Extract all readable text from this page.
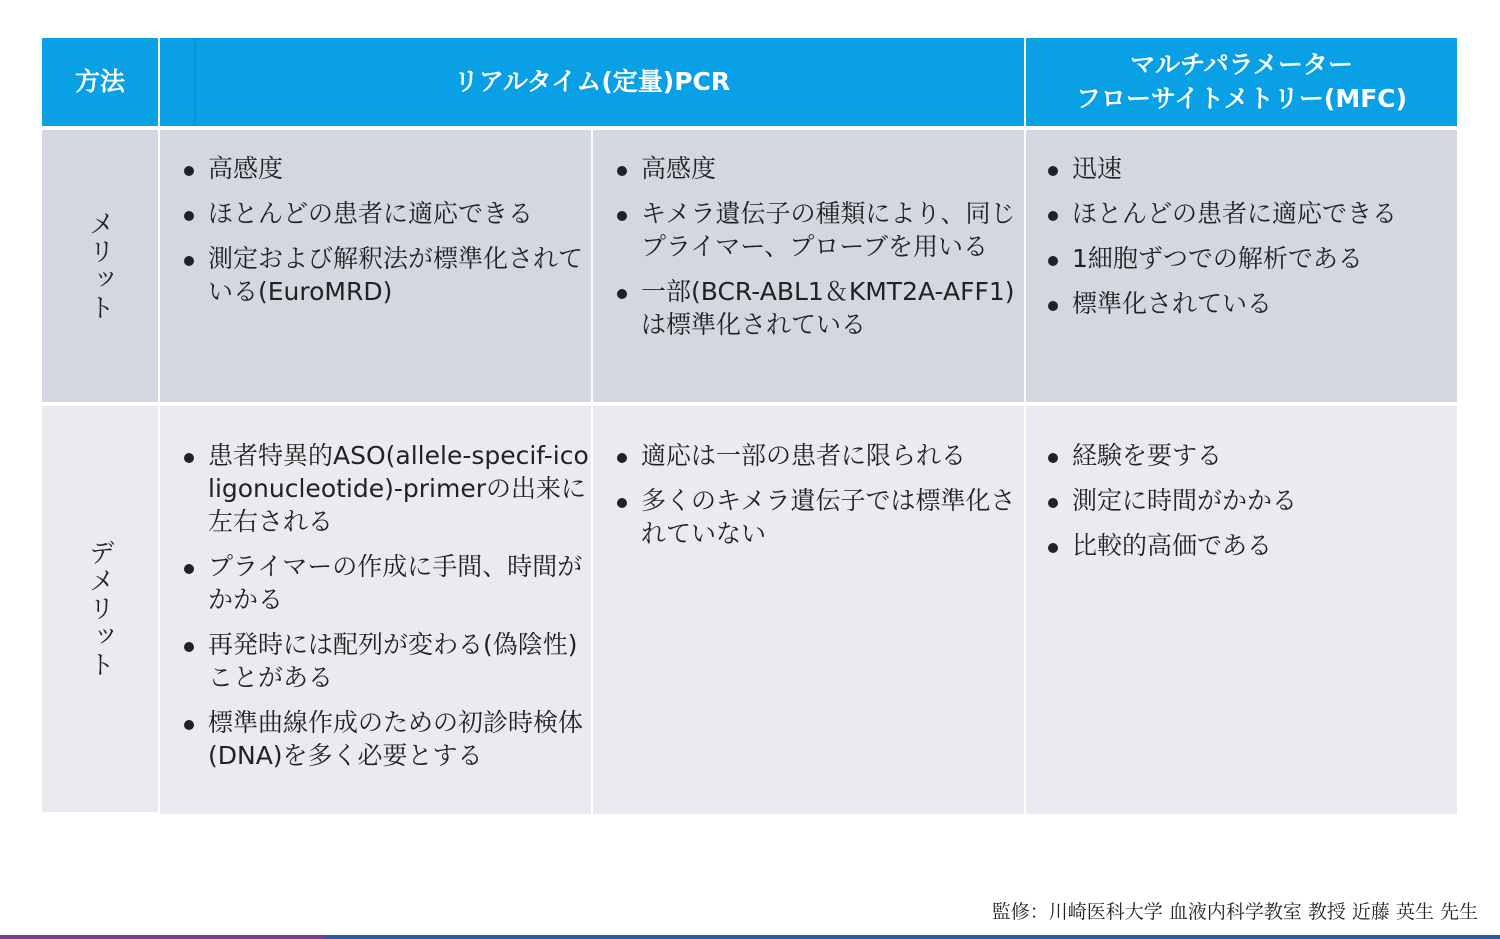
方法	リアルタイム(定量)PCR
マルチパラメーター
フローサイトメトリー(MFC)
メリット
デメリット
高感度
ほとんどの患者に適応できる
測定および解釈法が標準化されている(EuroMRD)
高感度
キメラ遺伝子の種類により、同じプライマー、プローブを用いる
一部(BCR-ABL1＆KMT2A-AFF1)は標準化されている
迅速
ほとんどの患者に適応できる
1細胞ずつでの解析である
標準化されている
患者特異的ASO(allele-specif-icoligonucleotide)-primerの出来に左右される
プライマーの作成に手間、時間がかかる
再発時には配列が変わる(偽陰性)ことがある
標準曲線作成のための初診時検体(DNA)を多く必要とする
適応は一部の患者に限られる
多くのキメラ遺伝子では標準化されていない
経験を要する
測定に時間がかかる
比較的高価である
監修：川崎医科大学 血液内科学教室 教授 近藤 英生 先生
